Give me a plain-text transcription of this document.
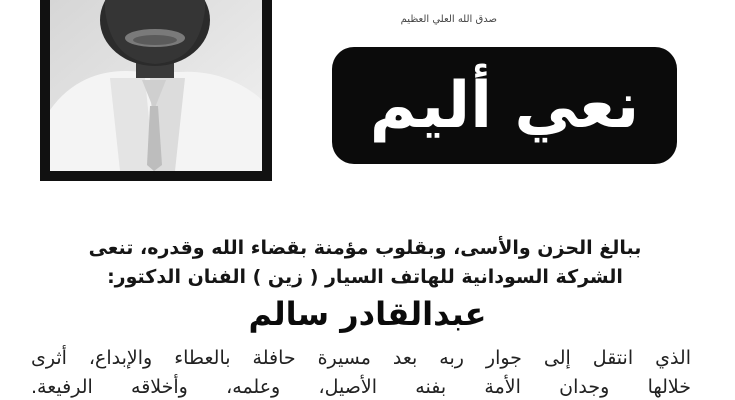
صدق الله العلي العظيم
نعي أليم
ببالغ الحزن والأسى، وبقلوب مؤمنة بقضاء الله وقدره، تنعى
الشركة السودانية للهاتف السيار ( زين ) الفنان الدكتور:
عبدالقادر سالم
الذي انتقل إلى جوار ربه بعد مسيرة حافلة بالعطاء والإبداع، أثرى
خلالها وجدان الأمة بفنه الأصيل، وعلمه، وأخلاقه الرفيعة.
